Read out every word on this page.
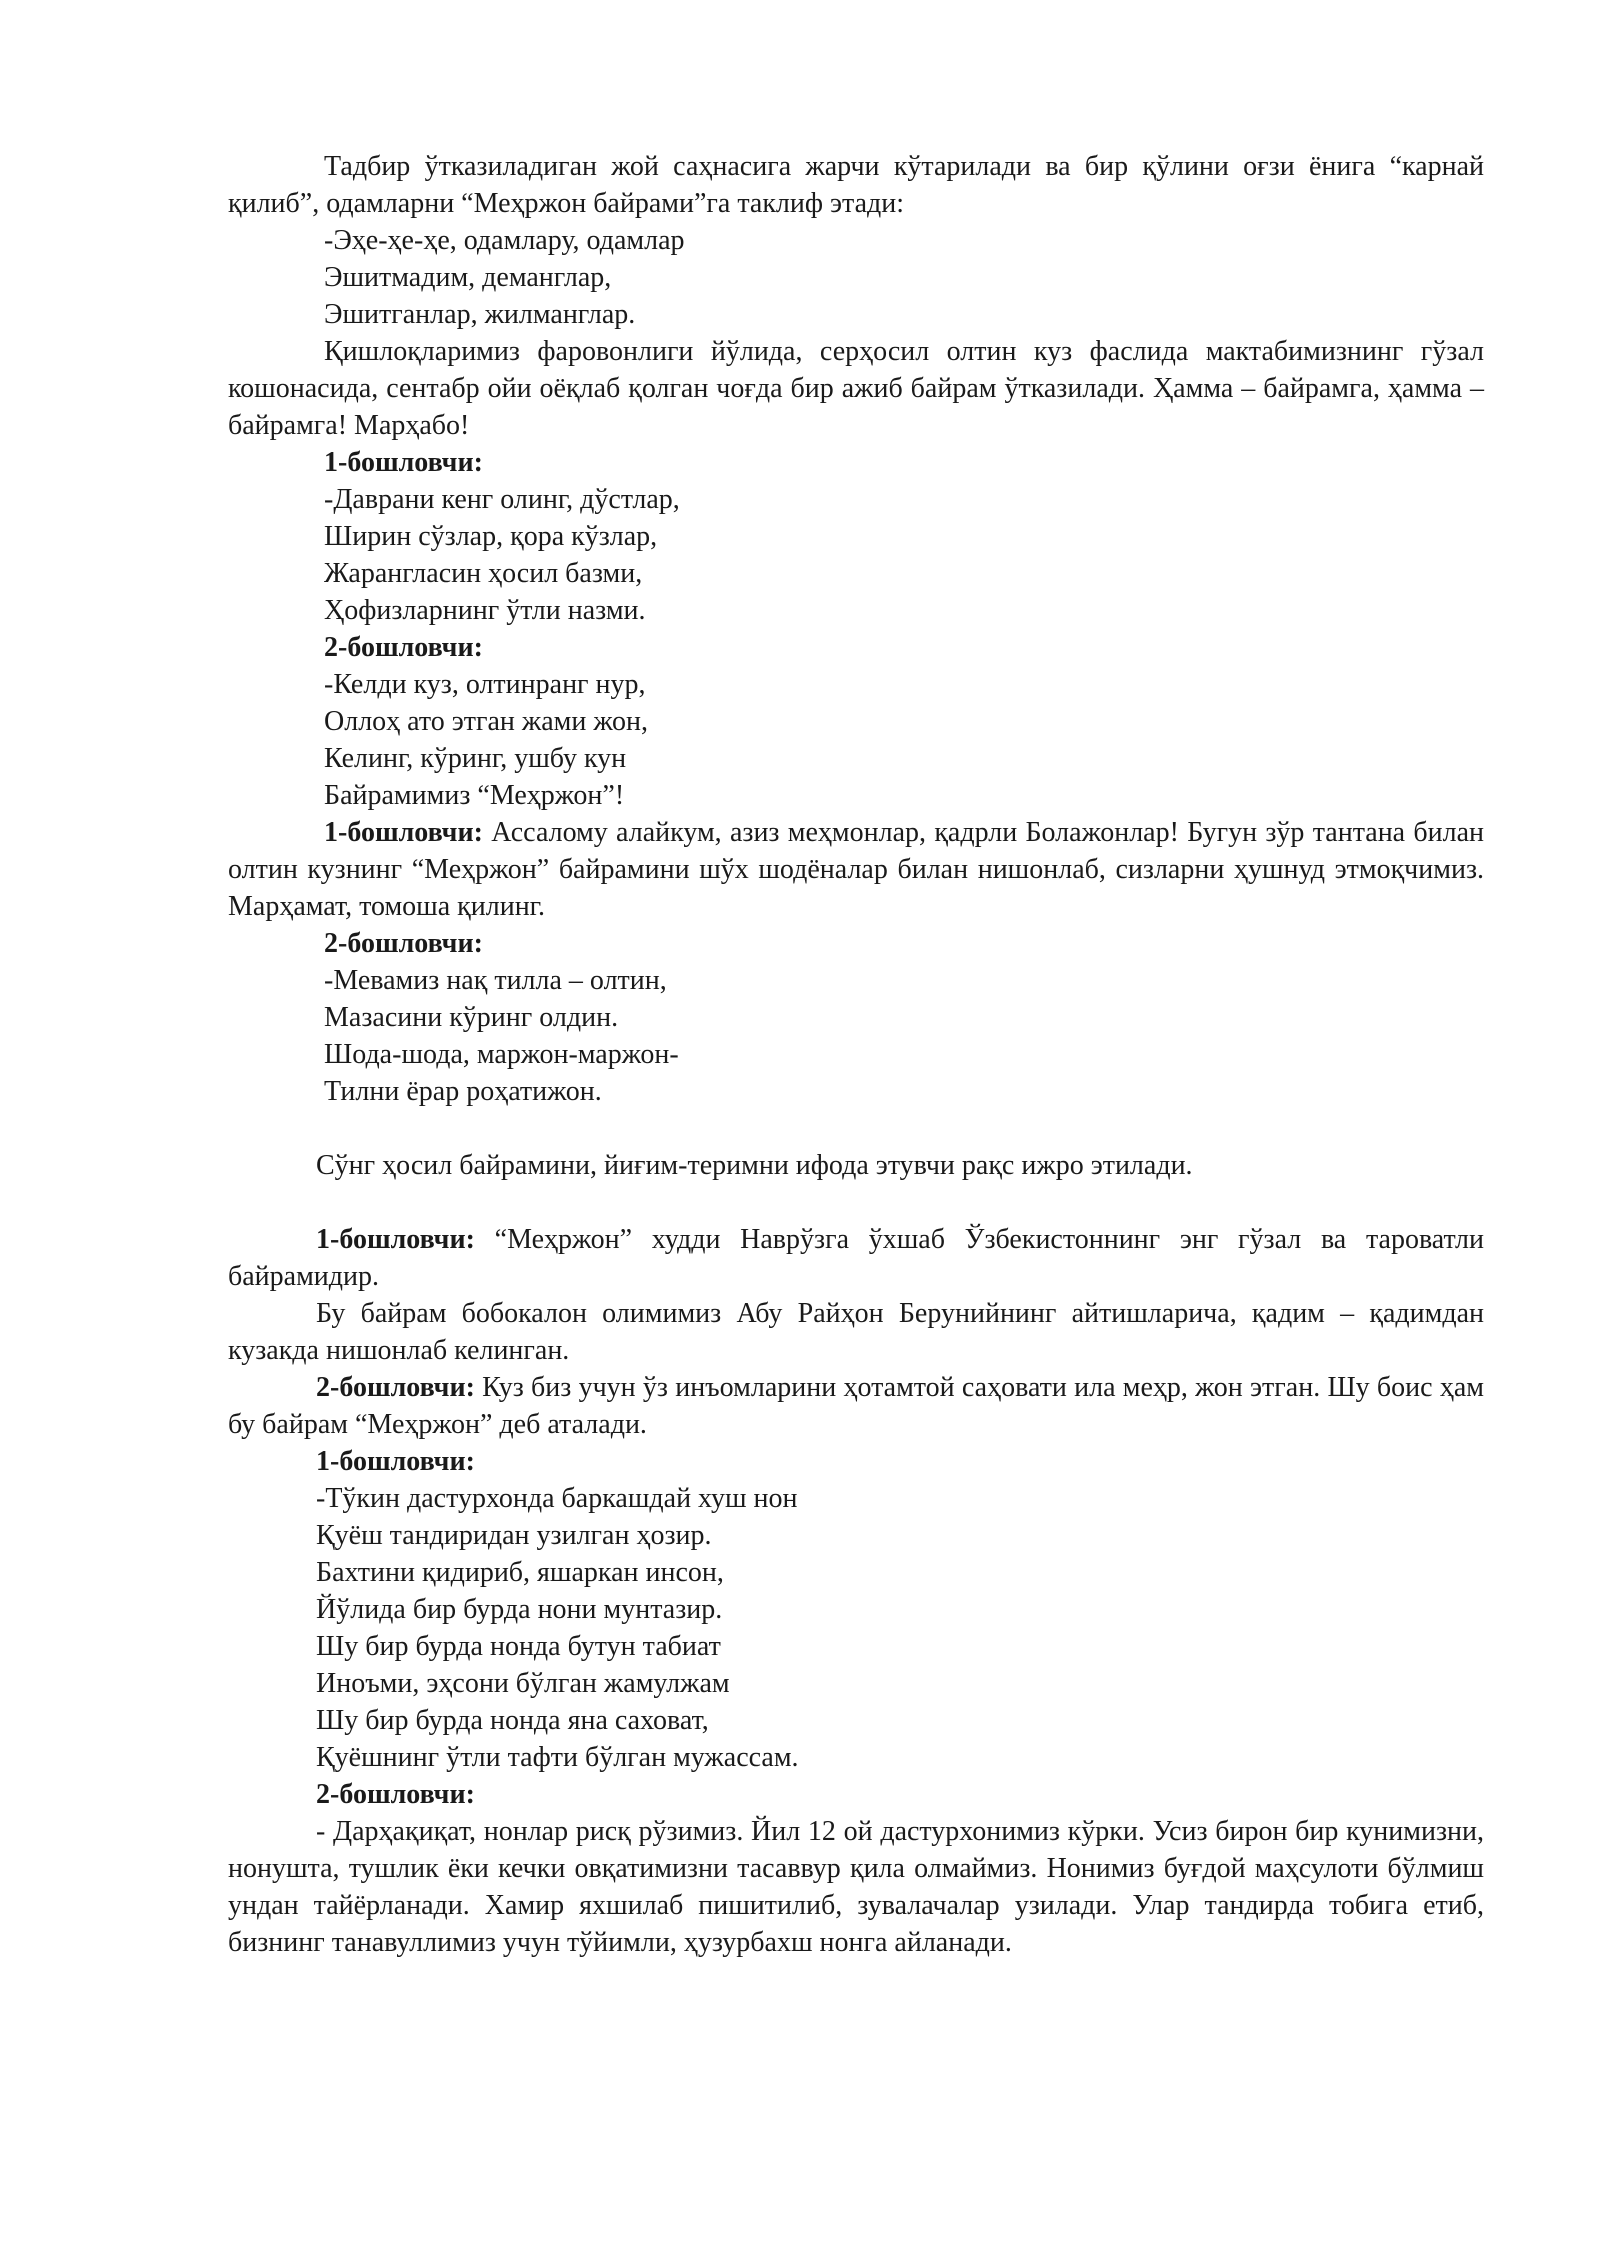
Тадбир ўтказиладиган жой саҳнасига жарчи кўтарилади ва бир қўлини оғзи ёнига “карнай қилиб”, одамларни “Меҳржон байрами”га таклиф этади:

-Эҳе-ҳе-ҳе, одамлару, одамлар

Эшитмадим, деманглар,

Эшитганлар, жилманглар.

Қишлоқларимиз фаровонлиги йўлида, серҳосил олтин куз фаслида мактабимизнинг гўзал кошонасида, сентабр ойи оёқлаб қолган чоғда бир ажиб байрам ўтказилади. Ҳамма – байрамга, ҳамма – байрамга! Марҳабо!

1-бошловчи:

-Даврани кенг олинг, дўстлар,

Ширин сўзлар, қора кўзлар,

Жарангласин ҳосил базми,

Ҳофизларнинг ўтли назми.

2-бошловчи:

-Келди куз, олтинранг нур,

Оллоҳ ато этган жами жон,

Келинг, кўринг, ушбу кун

Байрамимиз “Меҳржон”!

1-бошловчи: Ассалому алайкум, азиз меҳмонлар, қадрли Болажонлар! Бугун зўр тантана билан олтин кузнинг “Меҳржон” байрамини шўх шодёналар билан нишонлаб, сизларни ҳушнуд этмоқчимиз. Марҳамат, томоша қилинг.

2-бошловчи:

-Мевамиз нақ тилла – олтин,

Мазасини кўринг олдин.

Шода-шода, маржон-маржон-

Тилни ёрар роҳатижон.

Сўнг ҳосил байрамини, йиғим-теримни ифода этувчи рақс ижро этилади.

1-бошловчи: “Меҳржон” худди Наврўзга ўхшаб Ўзбекистоннинг энг гўзал ва тароватли байрамидир.

Бу байрам бобокалон олимимиз Абу Райҳон Берунийнинг айтишларича, қадим – қадимдан кузакда нишонлаб келинган.

2-бошловчи: Куз биз учун ўз инъомларини ҳотамтой саҳовати ила меҳр, жон этган. Шу боис ҳам бу байрам “Меҳржон” деб аталади.

1-бошловчи:

-Тўкин дастурхонда баркашдай хуш нон

Қуёш тандиридан узилган ҳозир.

Бахтини қидириб, яшаркан инсон,

Йўлида бир бурда нони мунтазир.

Шу бир бурда нонда бутун табиат

Иноъми, эҳсони бўлган жамулжам

Шу бир бурда нонда яна саховат,

Қуёшнинг ўтли тафти бўлган мужассам.

2-бошловчи:

- Дарҳақиқат, нонлар рисқ рўзимиз. Йил 12 ой дастурхонимиз кўрки. Усиз бирон бир кунимизни, нонушта, тушлик ёки кечки овқатимизни тасаввур қила олмаймиз. Нонимиз буғдой маҳсулоти бўлмиш ундан тайёрланади. Хамир яхшилаб пишитилиб, зувалачалар узилади. Улар тандирда тобига етиб, бизнинг танавуллимиз учун тўйимли, ҳузурбахш нонга айланади.
